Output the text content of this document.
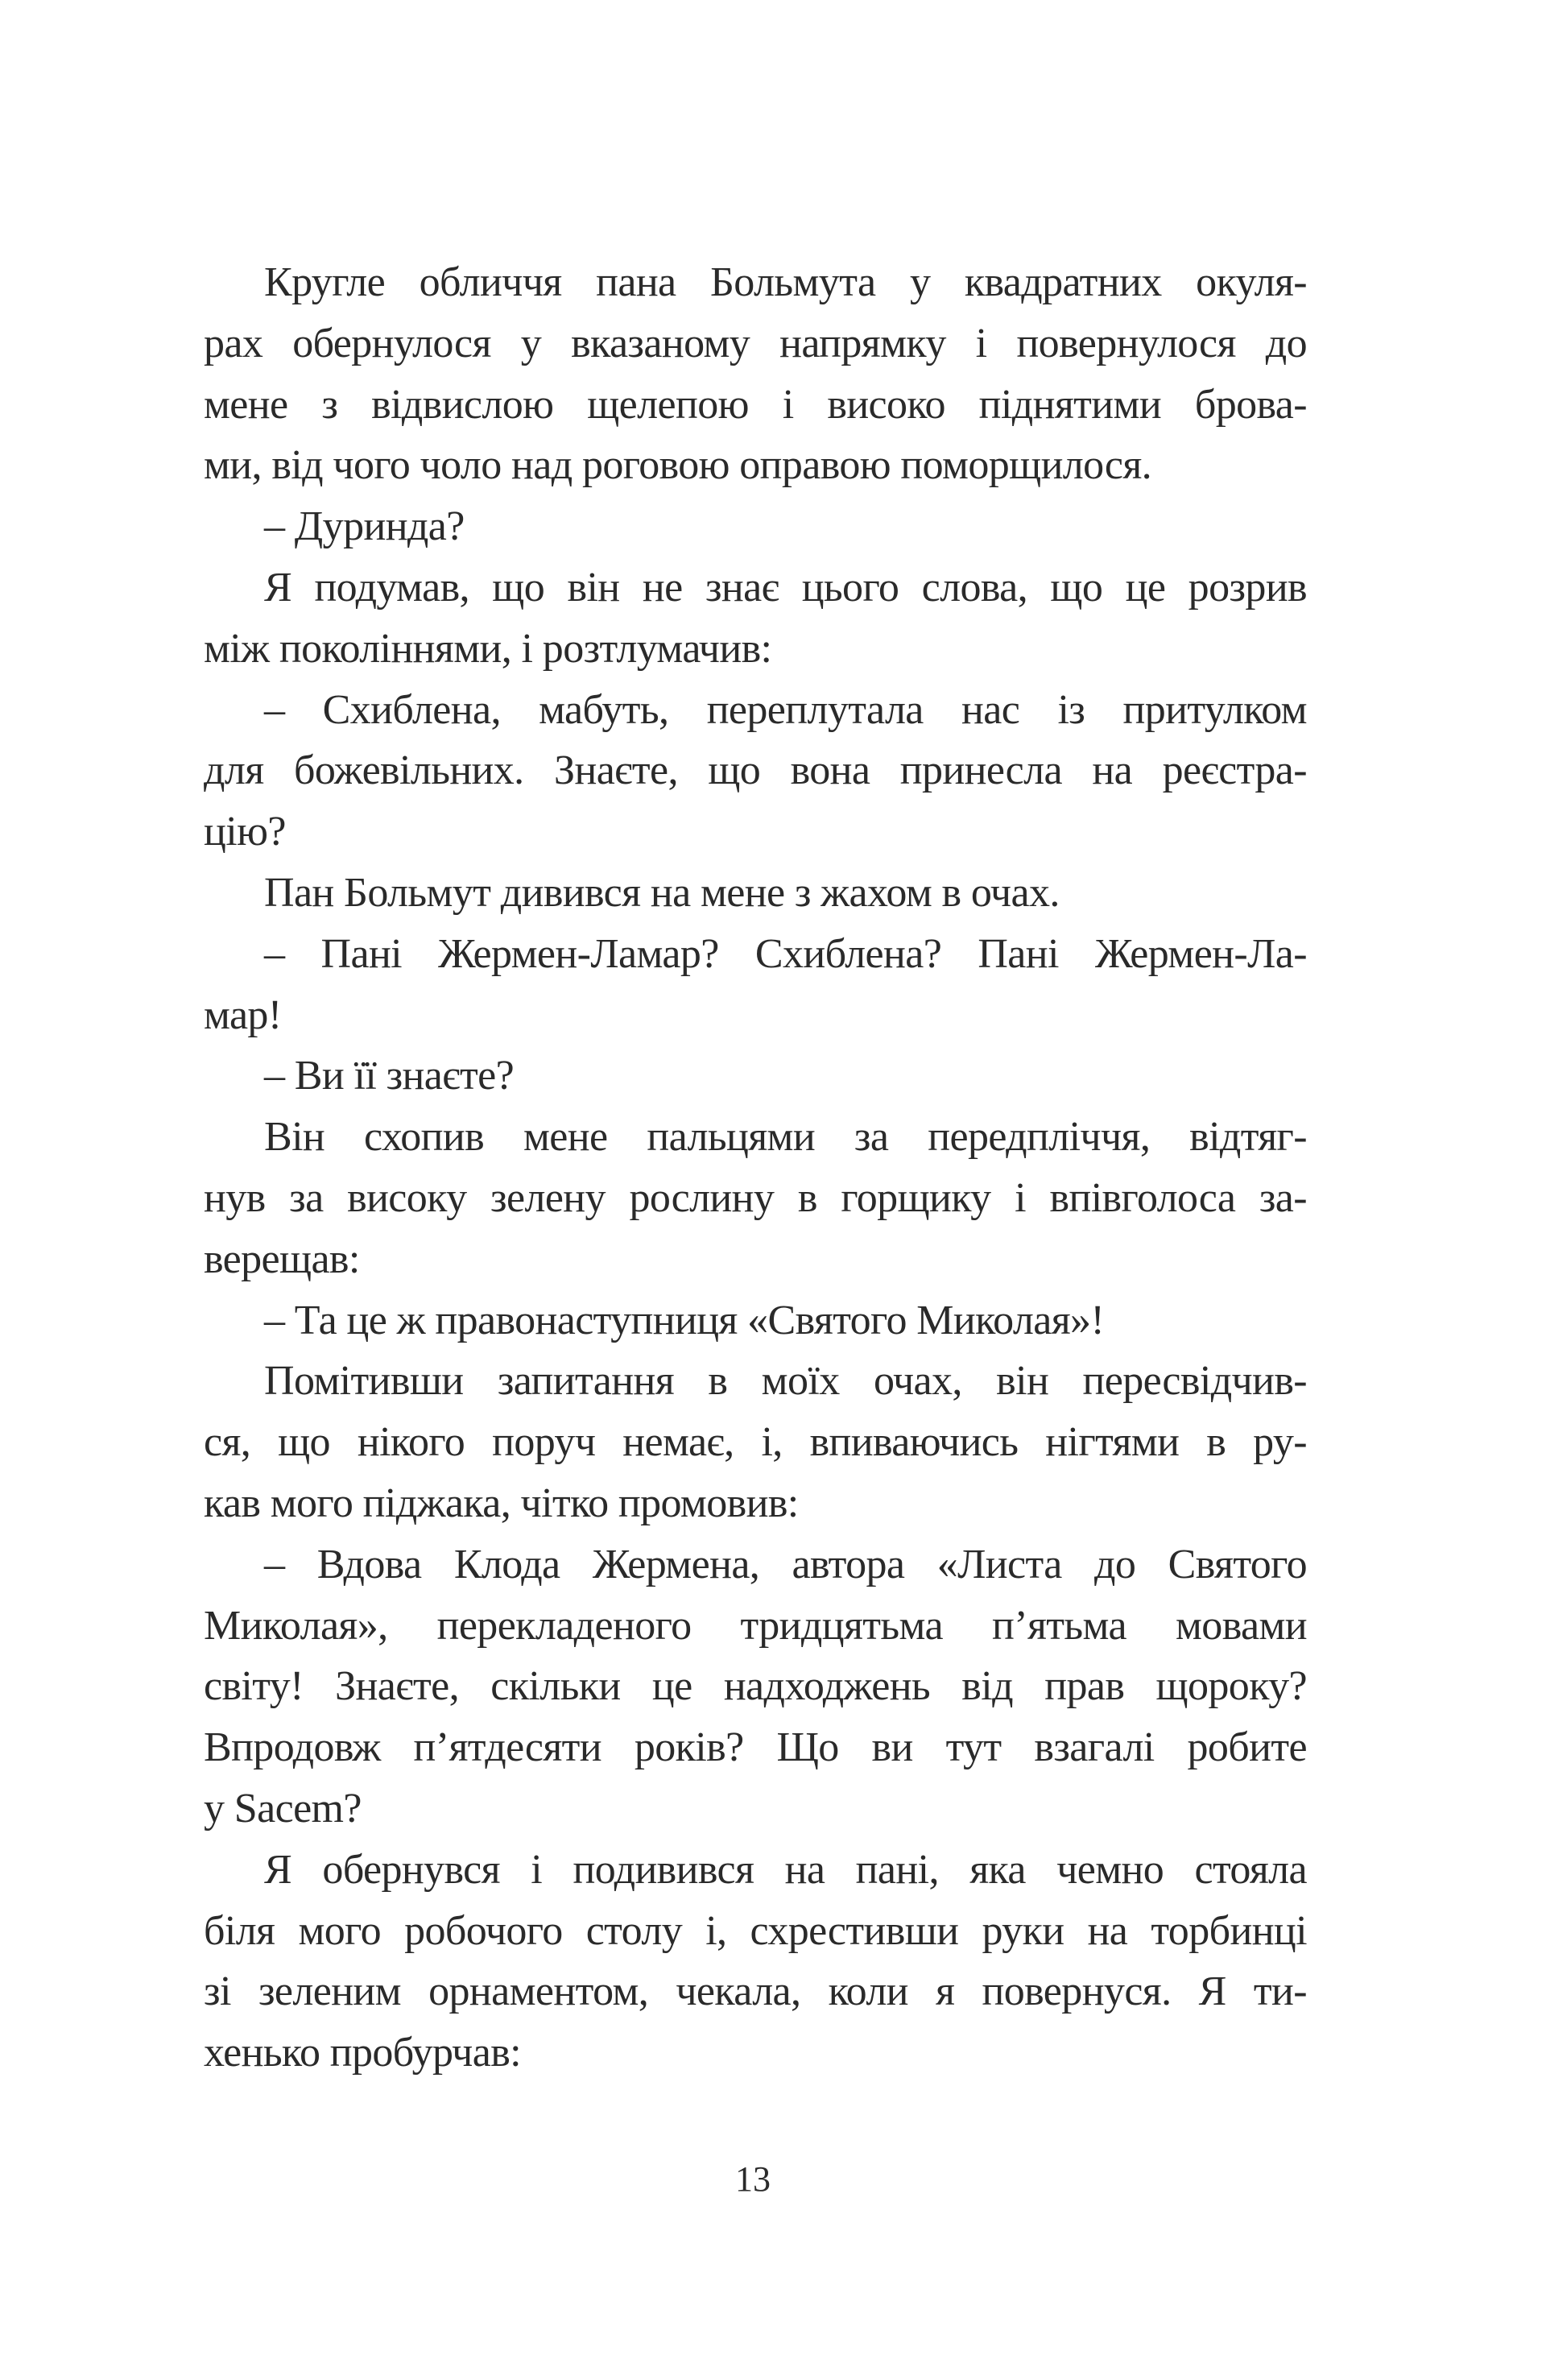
Кругле обличчя пана Больмута у квадратних окуля-
рах обернулося у вказаному напрямку і повернулося до
мене з відвислою щелепою і високо піднятими брова-
ми, від чого чоло над роговою оправою поморщилося.
– Дуринда?
Я подумав, що він не знає цього слова, що це розрив
між поколіннями, і розтлумачив:
– Схиблена, мабуть, переплутала нас із притулком
для божевільних. Знаєте, що вона принесла на реєстра-
цію?
Пан Больмут дивився на мене з жахом в очах.
– Пані Жермен-Ламар? Схиблена? Пані Жермен-Ла-
мар!
– Ви її знаєте?
Він схопив мене пальцями за передпліччя, відтяг-
нув за високу зелену рослину в горщику і впівголоса за-
верещав:
– Та це ж правонаступниця «Святого Миколая»!
Помітивши запитання в моїх очах, він пересвідчив-
ся, що нікого поруч немає, і, впиваючись нігтями в ру-
кав мого піджака, чітко промовив:
– Вдова Клода Жермена, автора «Листа до Святого
Миколая», перекладеного тридцятьма п’ятьма мовами
світу! Знаєте, скільки це надходжень від прав щороку?
Впродовж п’ятдесяти років? Що ви тут взагалі робите
у Sacem?
Я обернувся і подивився на пані, яка чемно стояла
біля мого робочого столу і, схрестивши руки на торбинці
зі зеленим орнаментом, чекала, коли я повернуся. Я ти-
хенько пробурчав:
13
